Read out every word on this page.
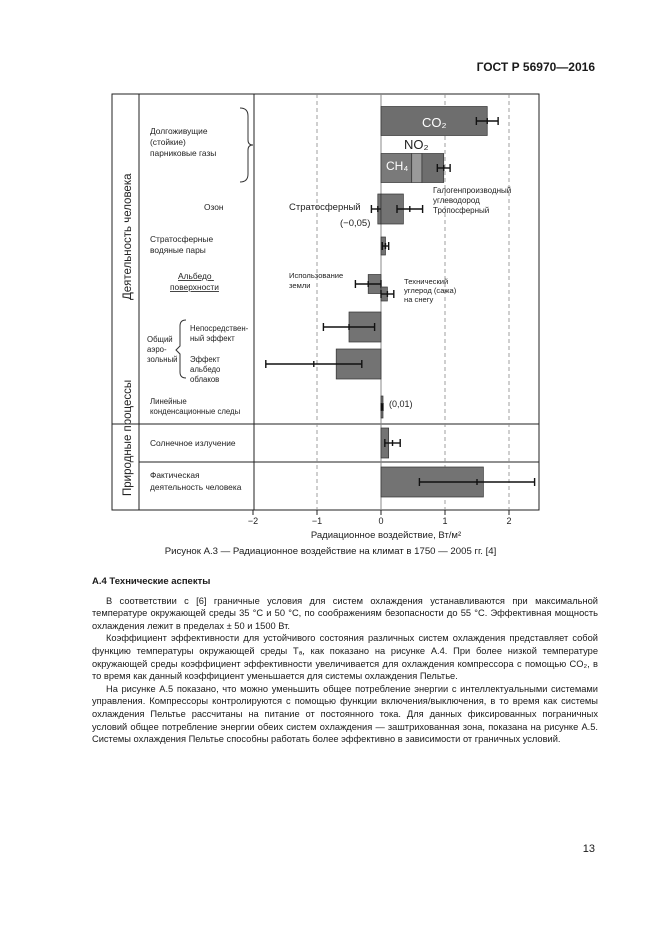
ГОСТ Р 56970—2016
−2	−1	0	1	2
Деятельность человека
Природные процессы
Долгоживущие (стойкие) парниковые газы
Озон
Стратосферные водяные пары
Альбедо поверхности
Общий аэро- зольный
Непосредствен- ный эффект
Эффект альбедо облаков
Линейные конденсационные следы
Солнечное излучение
Фактическая деятельность человека
CO₂
NO₂
CH₄
Галогенпроизводный углеводород
Тропосферный
Стратосферный
(−0,05)
Использование земли	Технический углерод (сажа) на снегу
(0,01)
Радиационное воздействие, Вт/м²
Рисунок А.3 — Радиационное воздействие на климат в 1750 — 2005 гг. [4]
А.4 Технические аспекты

В соответствии с [6] граничные условия для систем охлаждения устанавливаются при максимальной температуре окружающей среды 35 °С и 50 °С, по соображениям безопасности до 55 °С. Эффективная мощность охлаждения лежит в пределах ± 50 и 1500 Вт.

Коэффициент эффективности для устойчивого состояния различных систем охлаждения представляет собой функцию температуры окружающей среды Tₐ, как показано на рисунке А.4. При более низкой температуре окружающей среды коэффициент эффективности увеличивается для охлаждения компрессора с помощью CO₂, в то время как данный коэффициент уменьшается для системы охлаждения Пельтье.

На рисунке А.5 показано, что можно уменьшить общее потребление энергии с интеллектуальными системами управления. Компрессоры контролируются с помощью функции включения/выключения, в то время как системы охлаждения Пельтье рассчитаны на питание от постоянного тока. Для данных фиксированных пограничных условий общее потребление энергии обеих систем охлаждения — заштрихованная зона, показана на рисунке А.5. Системы охлаждения Пельтье способны работать более эффективно в зависимости от граничных условий.

13
